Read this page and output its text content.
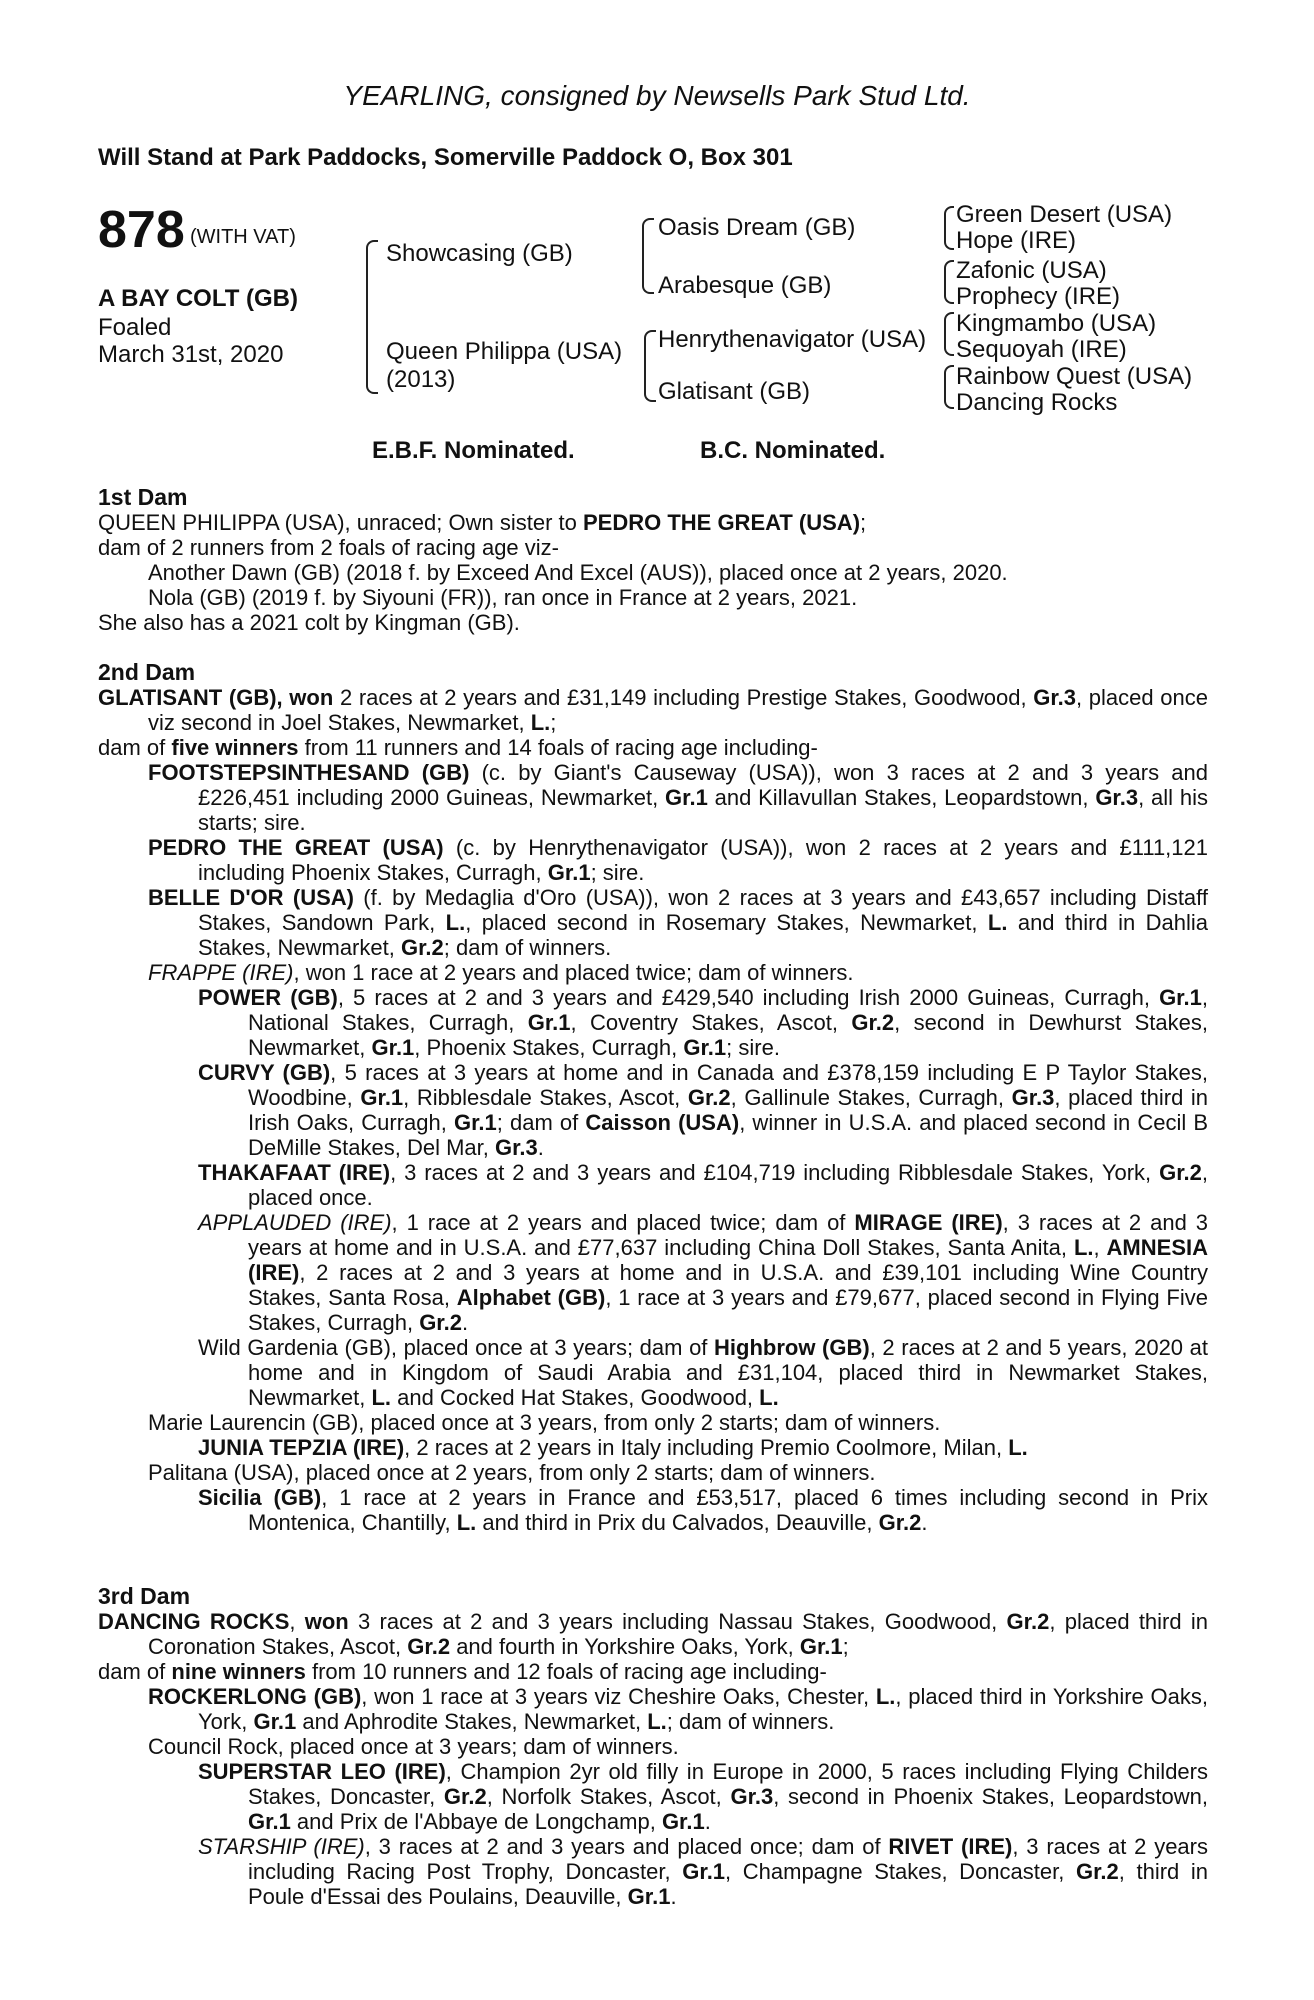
YEARLING, consigned by Newsells Park Stud Ltd.
Will Stand at Park Paddocks, Somerville Paddock O, Box 301
878 (WITH VAT)
A BAY COLT (GB)
Foaled
March 31st, 2020
Showcasing (GB)
Queen Philippa (USA)
(2013)
Oasis Dream (GB)
Arabesque (GB)
Henrythenavigator (USA)
Glatisant (GB)
Green Desert (USA)
Hope (IRE)
Zafonic (USA)
Prophecy (IRE)
Kingmambo (USA)
Sequoyah (IRE)
Rainbow Quest (USA)
Dancing Rocks
E.B.F. Nominated.	B.C. Nominated.

1st Dam

QUEEN PHILIPPA (USA), unraced; Own sister to PEDRO THE GREAT (USA);

dam of 2 runners from 2 foals of racing age viz-

Another Dawn (GB) (2018 f. by Exceed And Excel (AUS)), placed once at 2 years, 2020.

Nola (GB) (2019 f. by Siyouni (FR)), ran once in France at 2 years, 2021.

She also has a 2021 colt by Kingman (GB).

2nd Dam

GLATISANT (GB), won 2 races at 2 years and £31,149 including Prestige Stakes, Goodwood, Gr.3, placed once viz second in Joel Stakes, Newmarket, L.;

dam of five winners from 11 runners and 14 foals of racing age including-

FOOTSTEPSINTHESAND (GB) (c. by Giant's Causeway (USA)), won 3 races at 2 and 3 years and £226,451 including 2000 Guineas, Newmarket, Gr.1 and Killavullan Stakes, Leopardstown, Gr.3, all his starts; sire.

PEDRO THE GREAT (USA) (c. by Henrythenavigator (USA)), won 2 races at 2 years and £111,121 including Phoenix Stakes, Curragh, Gr.1; sire.

BELLE D'OR (USA) (f. by Medaglia d'Oro (USA)), won 2 races at 3 years and £43,657 including Distaff Stakes, Sandown Park, L., placed second in Rosemary Stakes, Newmarket, L. and third in Dahlia Stakes, Newmarket, Gr.2; dam of winners.

FRAPPE (IRE), won 1 race at 2 years and placed twice; dam of winners.

POWER (GB), 5 races at 2 and 3 years and £429,540 including Irish 2000 Guineas, Curragh, Gr.1, National Stakes, Curragh, Gr.1, Coventry Stakes, Ascot, Gr.2, second in Dewhurst Stakes, Newmarket, Gr.1, Phoenix Stakes, Curragh, Gr.1; sire.

CURVY (GB), 5 races at 3 years at home and in Canada and £378,159 including E P Taylor Stakes, Woodbine, Gr.1, Ribblesdale Stakes, Ascot, Gr.2, Gallinule Stakes, Curragh, Gr.3, placed third in Irish Oaks, Curragh, Gr.1; dam of Caisson (USA), winner in U.S.A. and placed second in Cecil B DeMille Stakes, Del Mar, Gr.3.

THAKAFAAT (IRE), 3 races at 2 and 3 years and £104,719 including Ribblesdale Stakes, York, Gr.2, placed once.

APPLAUDED (IRE), 1 race at 2 years and placed twice; dam of MIRAGE (IRE), 3 races at 2 and 3 years at home and in U.S.A. and £77,637 including China Doll Stakes, Santa Anita, L., AMNESIA (IRE), 2 races at 2 and 3 years at home and in U.S.A. and £39,101 including Wine Country Stakes, Santa Rosa, Alphabet (GB), 1 race at 3 years and £79,677, placed second in Flying Five Stakes, Curragh, Gr.2.

Wild Gardenia (GB), placed once at 3 years; dam of Highbrow (GB), 2 races at 2 and 5 years, 2020 at home and in Kingdom of Saudi Arabia and £31,104, placed third in Newmarket Stakes, Newmarket, L. and Cocked Hat Stakes, Goodwood, L.

Marie Laurencin (GB), placed once at 3 years, from only 2 starts; dam of winners.

JUNIA TEPZIA (IRE), 2 races at 2 years in Italy including Premio Coolmore, Milan, L.

Palitana (USA), placed once at 2 years, from only 2 starts; dam of winners.

Sicilia (GB), 1 race at 2 years in France and £53,517, placed 6 times including second in Prix Montenica, Chantilly, L. and third in Prix du Calvados, Deauville, Gr.2.

3rd Dam

DANCING ROCKS, won 3 races at 2 and 3 years including Nassau Stakes, Goodwood, Gr.2, placed third in Coronation Stakes, Ascot, Gr.2 and fourth in Yorkshire Oaks, York, Gr.1;

dam of nine winners from 10 runners and 12 foals of racing age including-

ROCKERLONG (GB), won 1 race at 3 years viz Cheshire Oaks, Chester, L., placed third in Yorkshire Oaks, York, Gr.1 and Aphrodite Stakes, Newmarket, L.; dam of winners.

Council Rock, placed once at 3 years; dam of winners.

SUPERSTAR LEO (IRE), Champion 2yr old filly in Europe in 2000, 5 races including Flying Childers Stakes, Doncaster, Gr.2, Norfolk Stakes, Ascot, Gr.3, second in Phoenix Stakes, Leopardstown, Gr.1 and Prix de l'Abbaye de Longchamp, Gr.1.

STARSHIP (IRE), 3 races at 2 and 3 years and placed once; dam of RIVET (IRE), 3 races at 2 years including Racing Post Trophy, Doncaster, Gr.1, Champagne Stakes, Doncaster, Gr.2, third in Poule d'Essai des Poulains, Deauville, Gr.1.
